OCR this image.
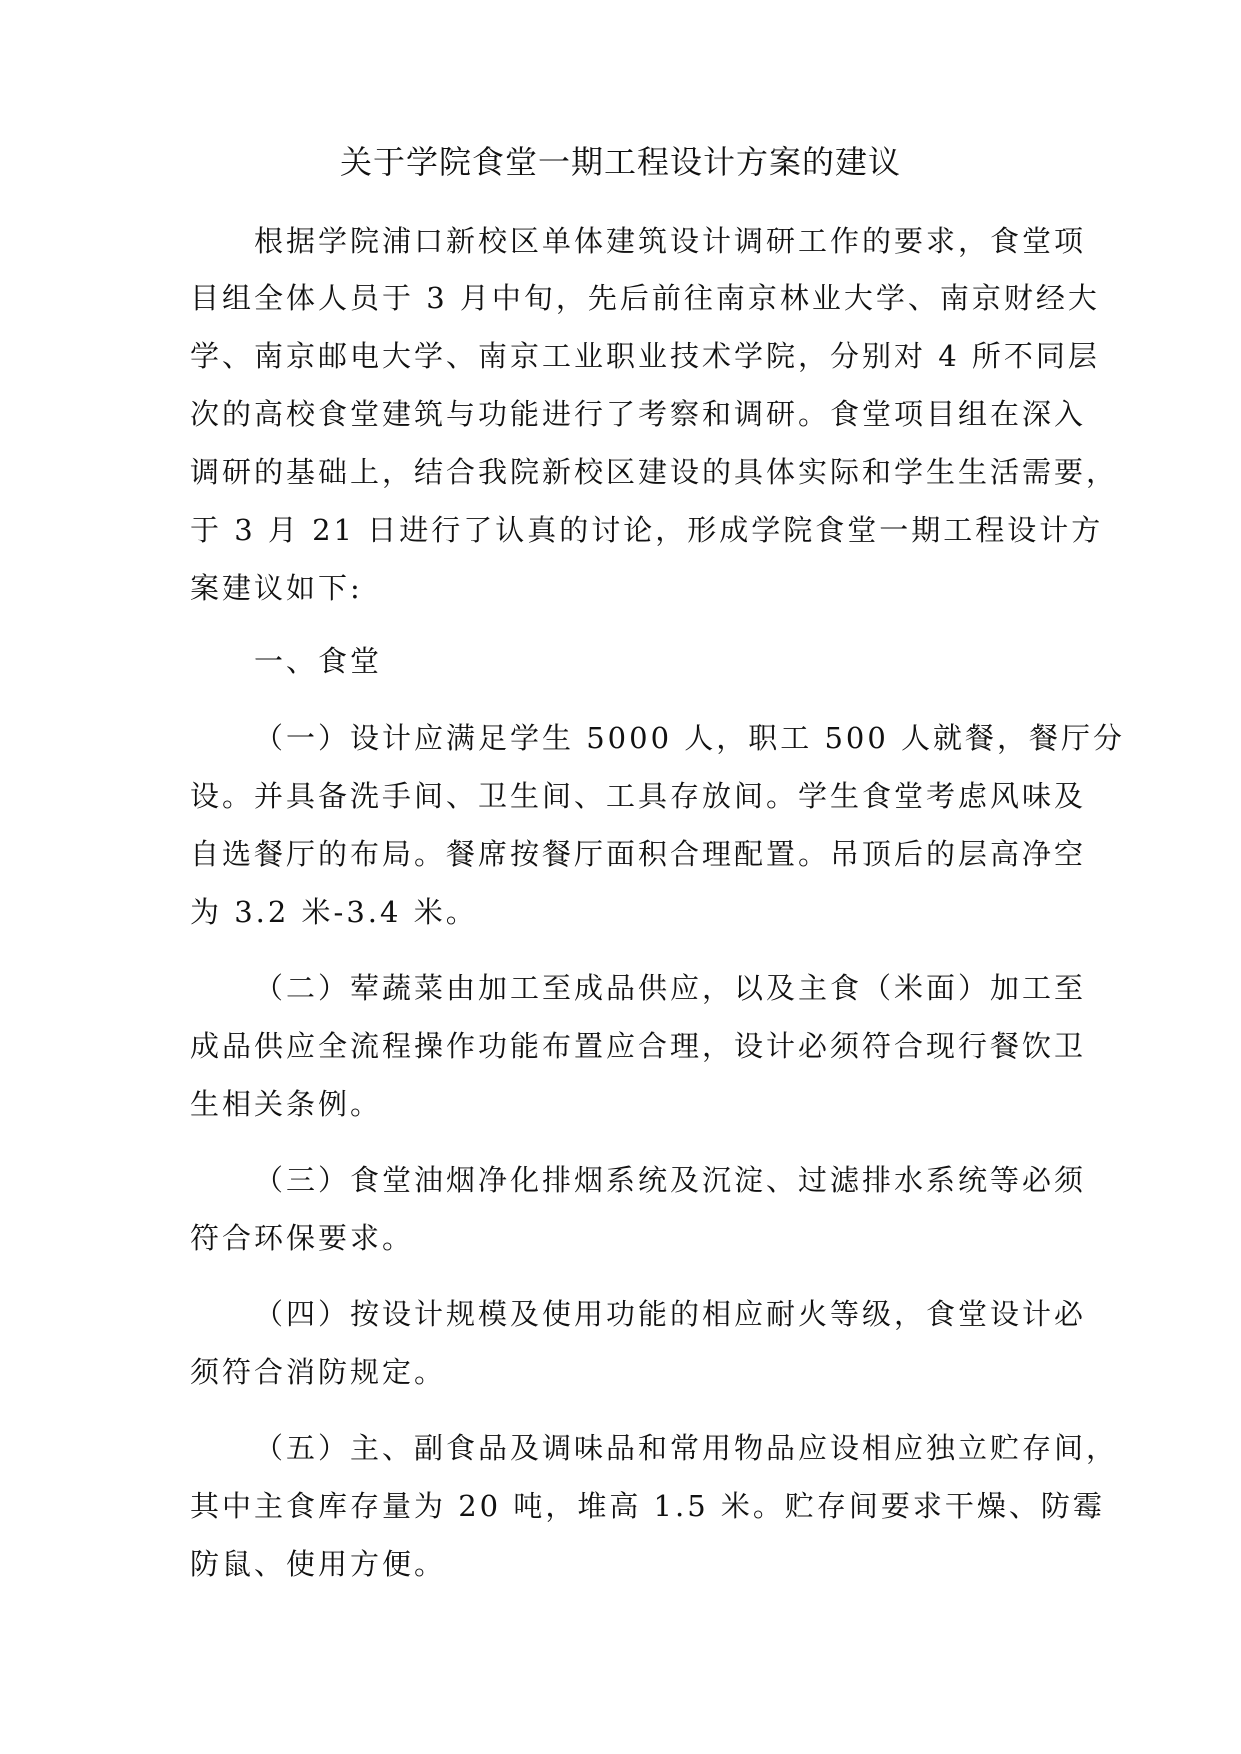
关于学院食堂一期工程设计方案的建议

根据学院浦口新校区单体建筑设计调研工作的要求，食堂项

目组全体人员于 3 月中旬，先后前往南京林业大学、南京财经大

学、南京邮电大学、南京工业职业技术学院，分别对 4 所不同层

次的高校食堂建筑与功能进行了考察和调研。食堂项目组在深入

调研的基础上，结合我院新校区建设的具体实际和学生生活需要，

于 3 月 21 日进行了认真的讨论，形成学院食堂一期工程设计方

案建议如下:

一、食堂

（一）设计应满足学生 5000 人，职工 500 人就餐，餐厅分

设。并具备洗手间、卫生间、工具存放间。学生食堂考虑风味及

自选餐厅的布局。餐席按餐厅面积合理配置。吊顶后的层高净空

为 3.2 米-3.4 米。

（二）荤蔬菜由加工至成品供应，以及主食（米面）加工至

成品供应全流程操作功能布置应合理，设计必须符合现行餐饮卫

生相关条例。

（三）食堂油烟净化排烟系统及沉淀、过滤排水系统等必须

符合环保要求。

（四）按设计规模及使用功能的相应耐火等级，食堂设计必

须符合消防规定。

（五）主、副食品及调味品和常用物品应设相应独立贮存间，

其中主食库存量为 20 吨，堆高 1.5 米。贮存间要求干燥、防霉

防鼠、使用方便。
